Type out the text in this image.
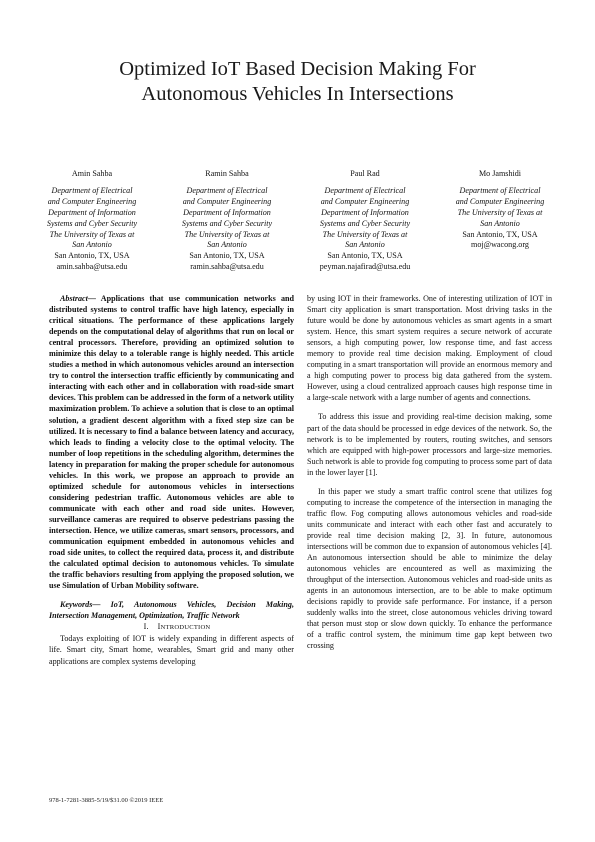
Optimized IoT Based Decision Making For
Autonomous Vehicles In Intersections
Amin Sahba
Department of Electrical
and Computer Engineering
Department of Information
Systems and Cyber Security
The University of Texas at
San Antonio
San Antonio, TX, USA
amin.sahba@utsa.edu
Ramin Sahba
Department of Electrical
and Computer Engineering
Department of Information
Systems and Cyber Security
The University of Texas at
San Antonio
San Antonio, TX, USA
ramin.sahba@utsa.edu
Paul Rad
Department of Electrical
and Computer Engineering
Department of Information
Systems and Cyber Security
The University of Texas at
San Antonio
San Antonio, TX, USA
peyman.najafirad@utsa.edu
Mo Jamshidi
Department of Electrical
and Computer Engineering
The University of Texas at
San Antonio
San Antonio, TX, USA
moj@wacong.org

Abstract— Applications that use communication networks and distributed systems to control traffic have high latency, especially in critical situations. The performance of these applications largely depends on the computational delay of algorithms that run on local or central processors. Therefore, providing an optimized solution to minimize this delay to a tolerable range is highly needed. This article studies a method in which autonomous vehicles around an intersection try to control the intersection traffic efficiently by communicating and interacting with each other and in collaboration with road-side smart devices. This problem can be addressed in the form of a network utility maximization problem. To achieve a solution that is close to an optimal solution, a gradient descent algorithm with a fixed step size can be utilized. It is necessary to find a balance between latency and accuracy, which leads to finding a velocity close to the optimal velocity. The number of loop repetitions in the scheduling algorithm, determines the latency in preparation for making the proper schedule for autonomous vehicles. In this work, we propose an approach to provide an optimized schedule for autonomous vehicles in intersections considering pedestrian traffic. Autonomous vehicles are able to communicate with each other and road side unites. However, surveillance cameras are required to observe pedestrians passing the intersection. Hence, we utilize cameras, smart sensors, processors, and communication equipment embedded in autonomous vehicles and road side unites, to collect the required data, process it, and distribute the calculated optimal decision to autonomous vehicles. To simulate the traffic behaviors resulting from applying the proposed solution, we use Simulation of Urban Mobility software.

Keywords— IoT, Autonomous Vehicles, Decision Making, Intersection Management, Optimization, Traffic Network

I. INTRODUCTION

Todays exploiting of IOT is widely expanding in different aspects of life. Smart city, Smart home, wearables, Smart grid and many other applications are complex systems developing

by using IOT in their frameworks. One of interesting utilization of IOT in Smart city application is smart transportation. Most driving tasks in the future would be done by autonomous vehicles as smart agents in a smart system. Hence, this smart system requires a secure network of accurate sensors, a high computing power, low response time, and fast access memory to provide real time decision making. Employment of cloud computing in a smart transportation will provide an enormous memory and a high computing power to process big data gathered from the system. However, using a cloud centralized approach causes high response time in a large-scale network with a large number of agents and connections.

To address this issue and providing real-time decision making, some part of the data should be processed in edge devices of the network. So, the network is to be implemented by routers, routing switches, and sensors which are equipped with high-power processors and large-size memories. Such network is able to provide fog computing to process some part of data in the lower layer [1].

In this paper we study a smart traffic control scene that utilizes fog computing to increase the competence of the intersection in managing the traffic flow. Fog computing allows autonomous vehicles and road-side units communicate and interact with each other fast and accurately to provide real time decision making [2, 3]. In future, autonomous intersections will be common due to expansion of autonomous vehicles [4]. An autonomous intersection should be able to minimize the delay autonomous vehicles are encountered as well as maximizing the throughput of the intersection. Autonomous vehicles and road-side units as agents in an autonomous intersection, are to be able to make optimum decisions rapidly to provide safe performance. For instance, if a person suddenly walks into the street, close autonomous vehicles driving toward that person must stop or slow down quickly. To enhance the performance of a traffic control system, the minimum time gap kept between two crossing

978-1-7281-3885-5/19/$31.00 ©2019 IEEE
